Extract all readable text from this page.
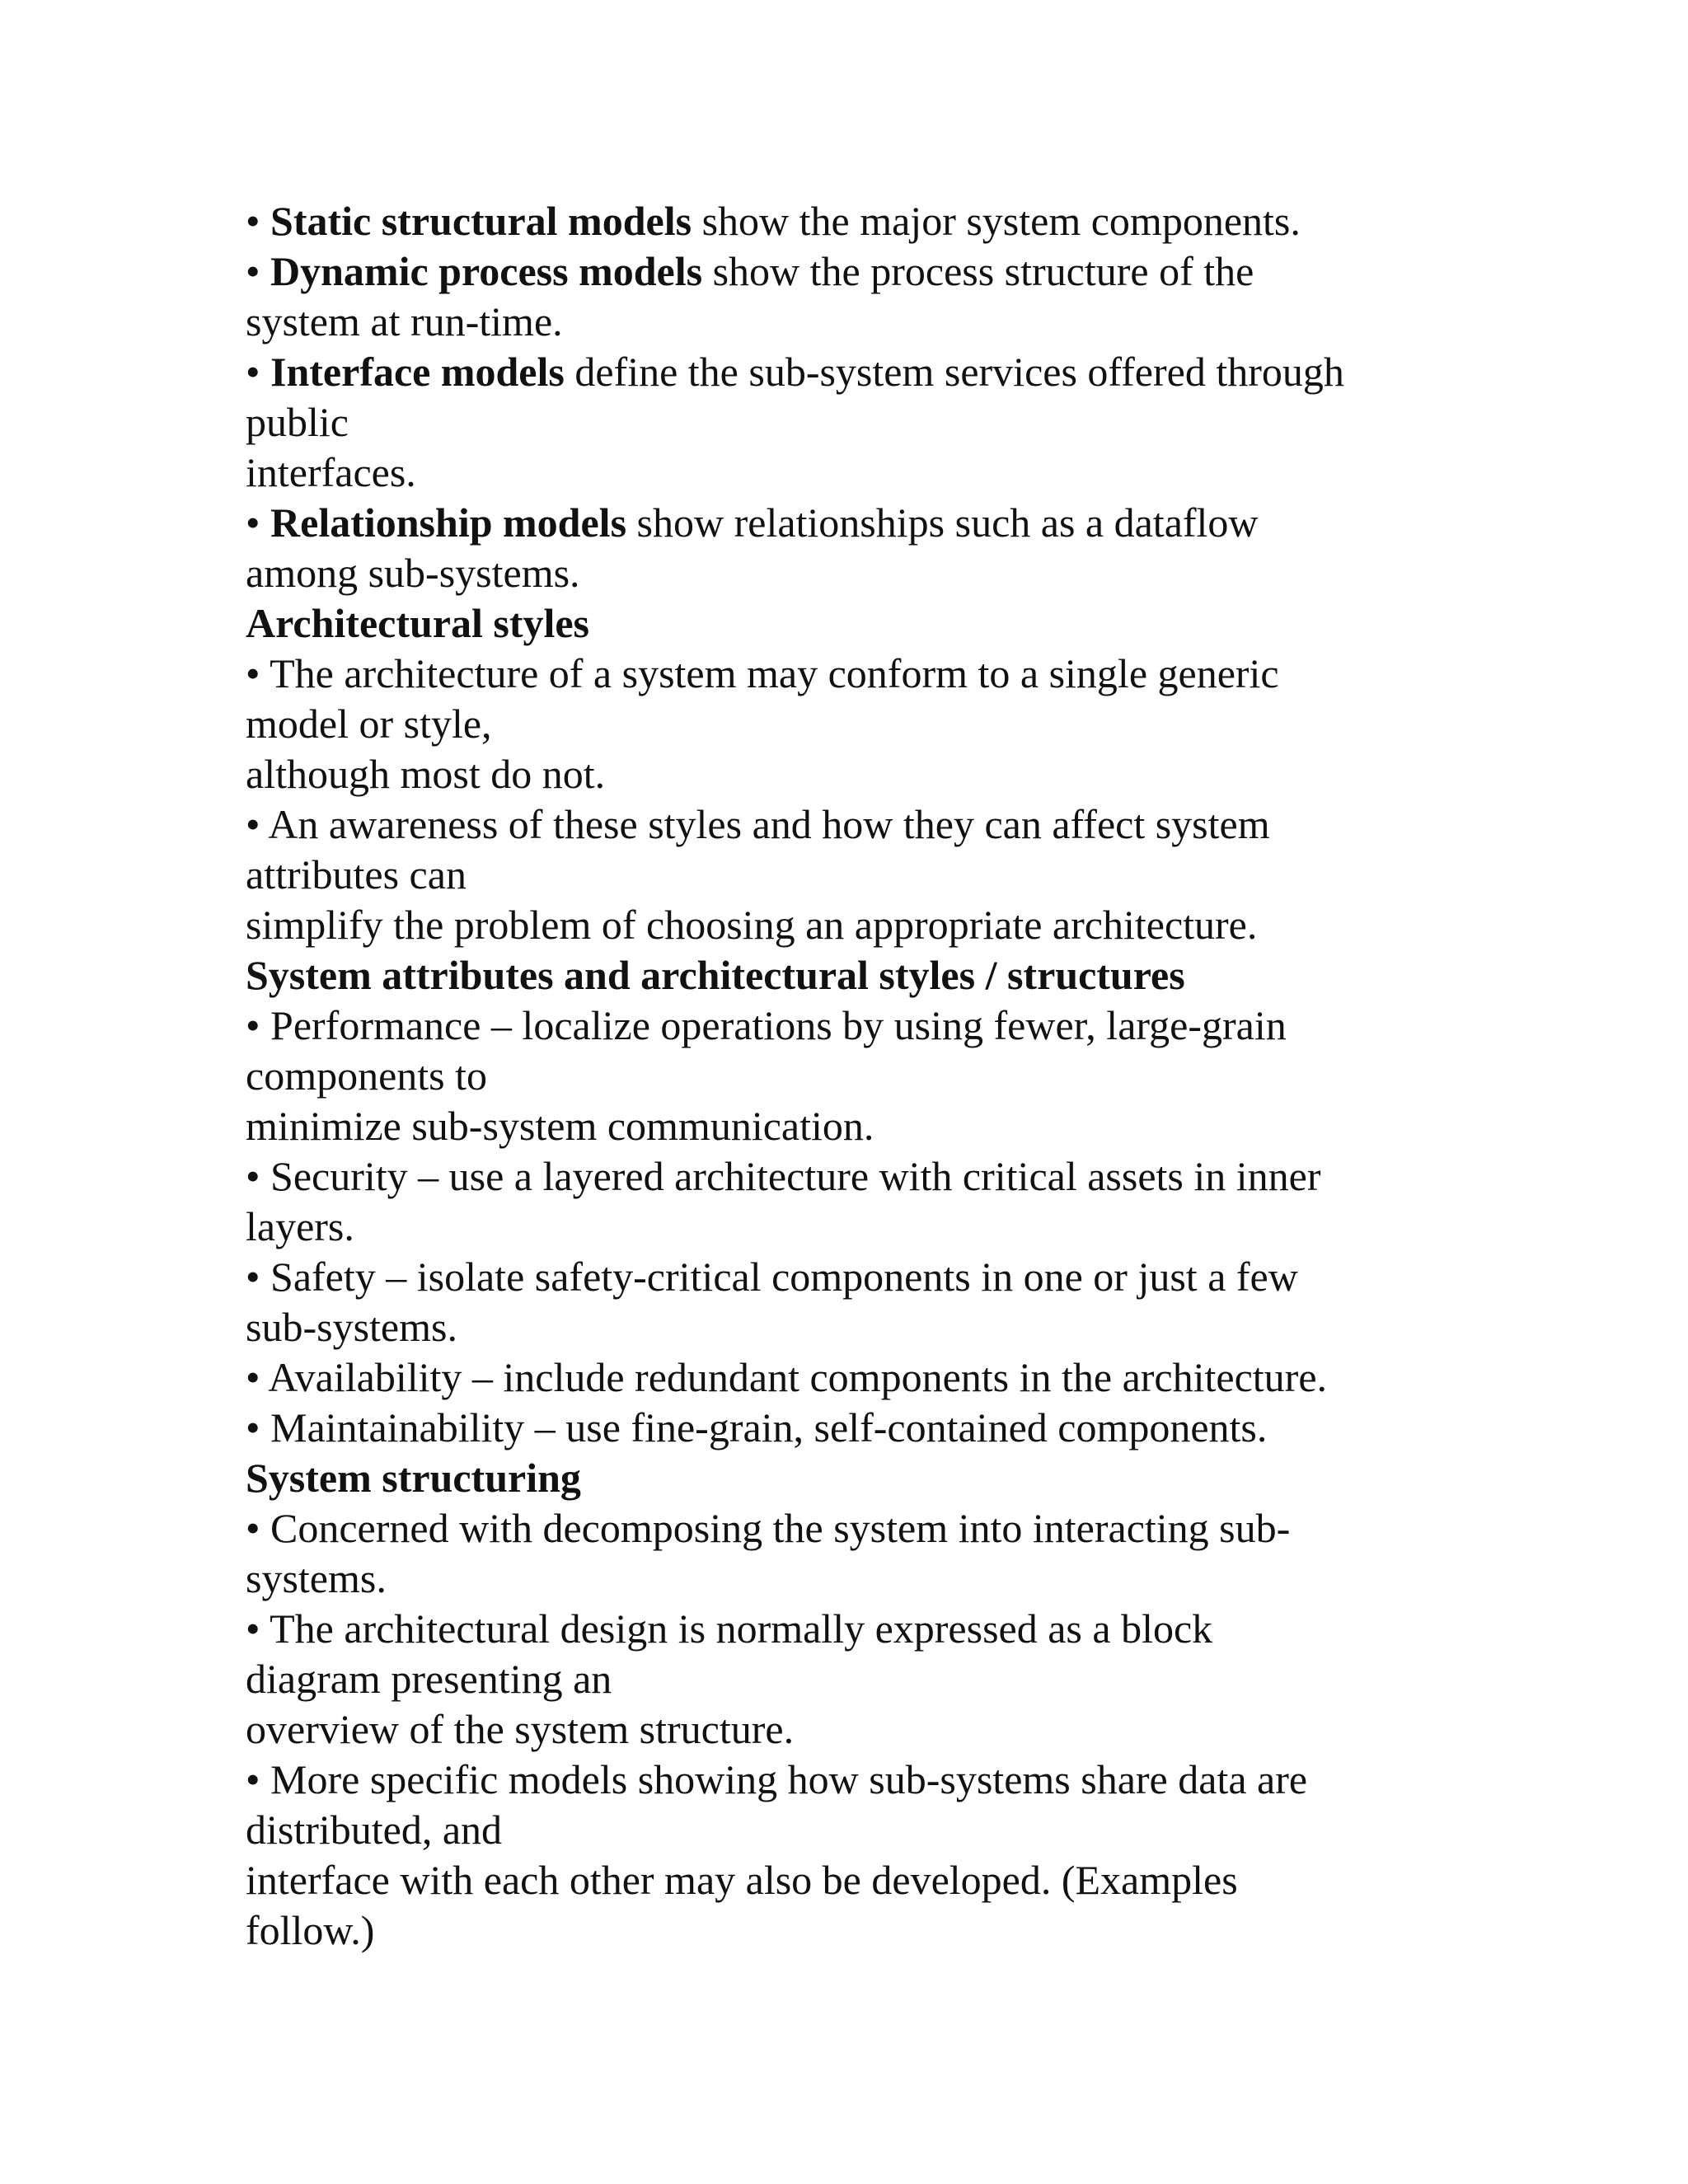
• Static structural models show the major system components.
• Dynamic process models show the process structure of the
system at run-time.
• Interface models define the sub-system services offered through
public
interfaces.
• Relationship models show relationships such as a dataflow
among sub-systems.
Architectural styles
• The architecture of a system may conform to a single generic
model or style,
although most do not.
• An awareness of these styles and how they can affect system
attributes can
simplify the problem of choosing an appropriate architecture.
System attributes and architectural styles / structures
• Performance – localize operations by using fewer, large-grain
components to
minimize sub-system communication.
• Security – use a layered architecture with critical assets in inner
layers.
• Safety – isolate safety-critical components in one or just a few
sub-systems.
• Availability – include redundant components in the architecture.
• Maintainability – use fine-grain, self-contained components.
System structuring
• Concerned with decomposing the system into interacting sub-
systems.
• The architectural design is normally expressed as a block
diagram presenting an
overview of the system structure.
• More specific models showing how sub-systems share data are
distributed, and
interface with each other may also be developed. (Examples
follow.)
